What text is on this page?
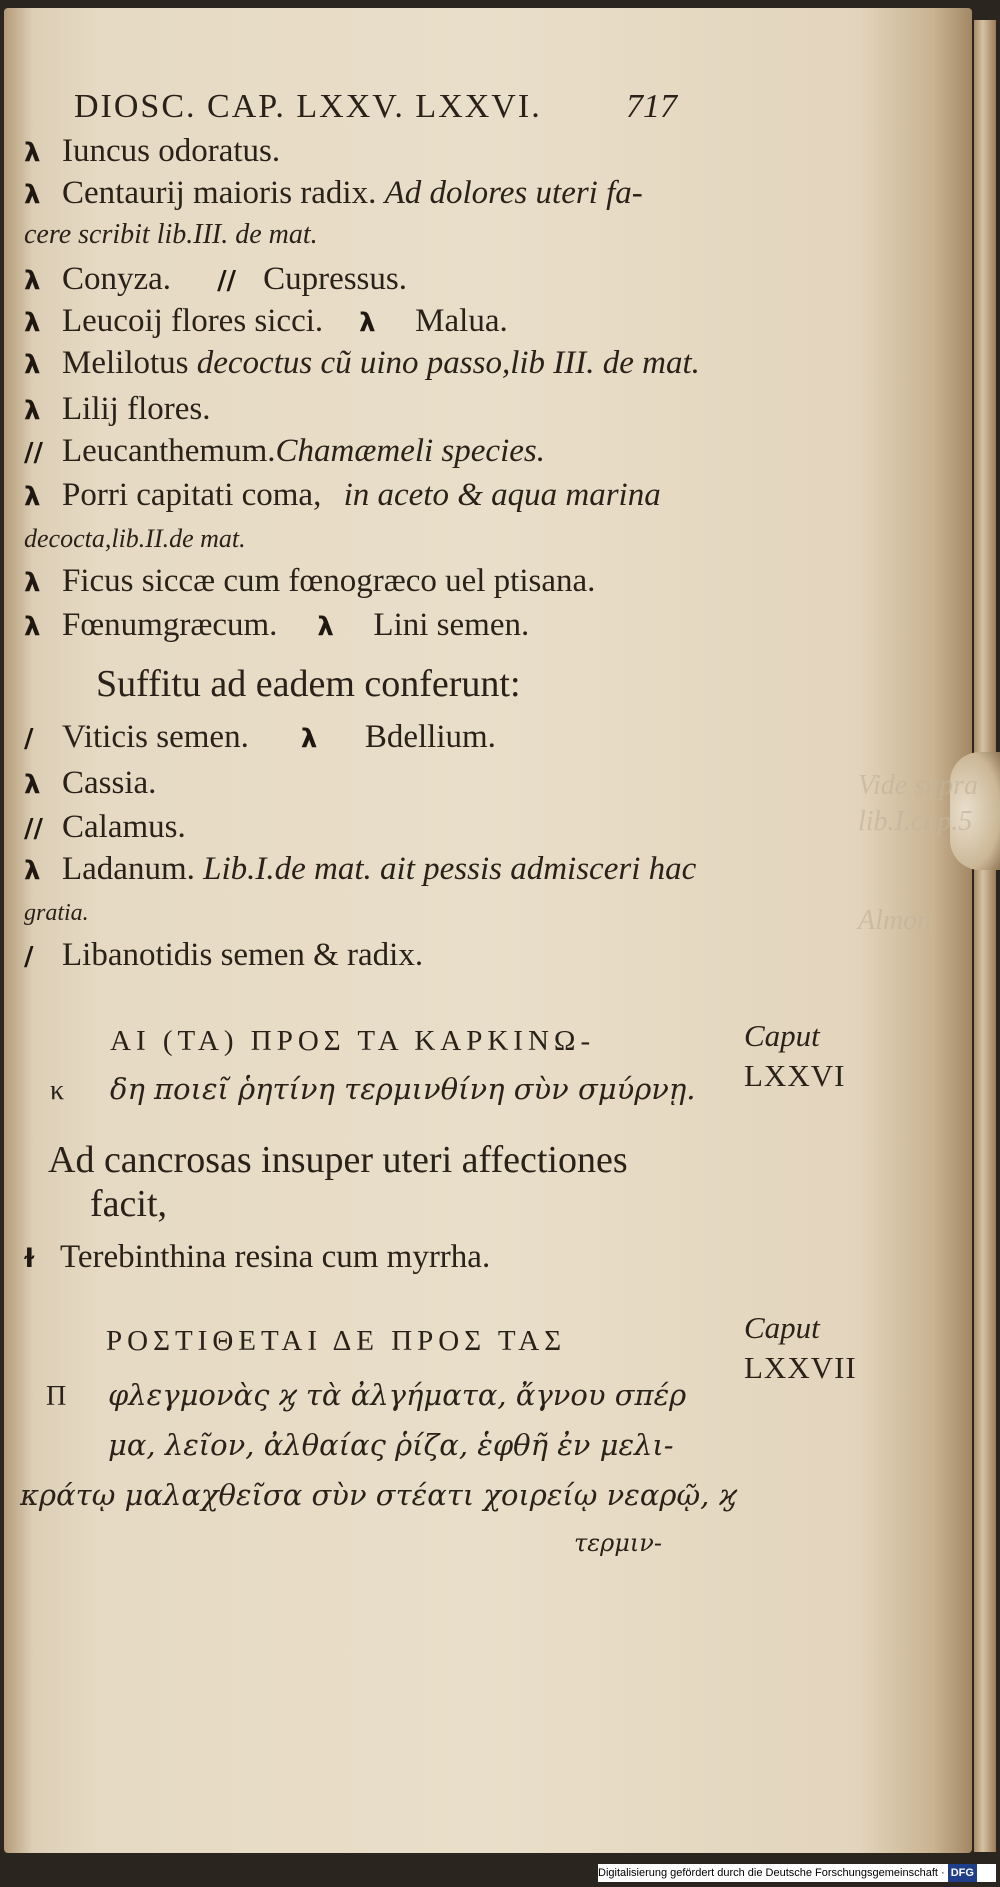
Vide supra
lib.I.cap.5
Almon.
DIOSC. CAP. LXXV. LXXVI. 717
λ Iuncus odoratus.
λ Centaurij maioris radix. Ad dolores uteri fa-
cere scribit lib.III. de mat.
λ Conyza. // Cupressus.
λ Leucoij flores sicci. λ Malua.
λ Melilotus decoctus cũ uino passo,lib III. de mat.
λ Lilij flores.
// Leucanthemum.Chamæmeli species.
λ Porri capitati coma, in aceto & aqua marina
decocta,lib.II.de mat.
λ Ficus siccæ cum fœnogræco uel ptisana.
λ Fœnumgræcum. λ Lini semen.
Suffitu ad eadem conferunt:
/ Viticis semen. λ Bdellium.
λ Cassia.
// Calamus.
λ Ladanum. Lib.I.de mat. ait pessis admisceri hac
gratia.
/ Libanotidis semen & radix.
ΑΙ (ΤΑ) ΠΡΟΣ ΤΑ ΚΑΡΚΙΝΩ-	Caput
LXXVI
κ δη ποιεῖ ῥητίνη τερμινθίνη σὺν σμύρνῃ.
Ad cancrosas insuper uteri affectiones
facit,
ɫ Terebinthina resina cum myrrha.
ΡΟΣΤΙΘΕΤΑΙ ΔΕ ΠΡΟΣ ΤΑΣ	Caput
LXXVII
Π φλεγμονὰς ϗ τὰ ἀλγήματα, ἄγνου σπέρ
μα, λεῖον, ἀλθαίας ῥίζα, ἑφθῆ ἐν μελι-
κράτῳ μαλαχθεῖσα σὺν στέατι χοιρείῳ νεαρῷ, ϗ
τερμιν-
Digitalisierung gefördert durch die Deutsche Forschungsgemeinschaft · DFG
